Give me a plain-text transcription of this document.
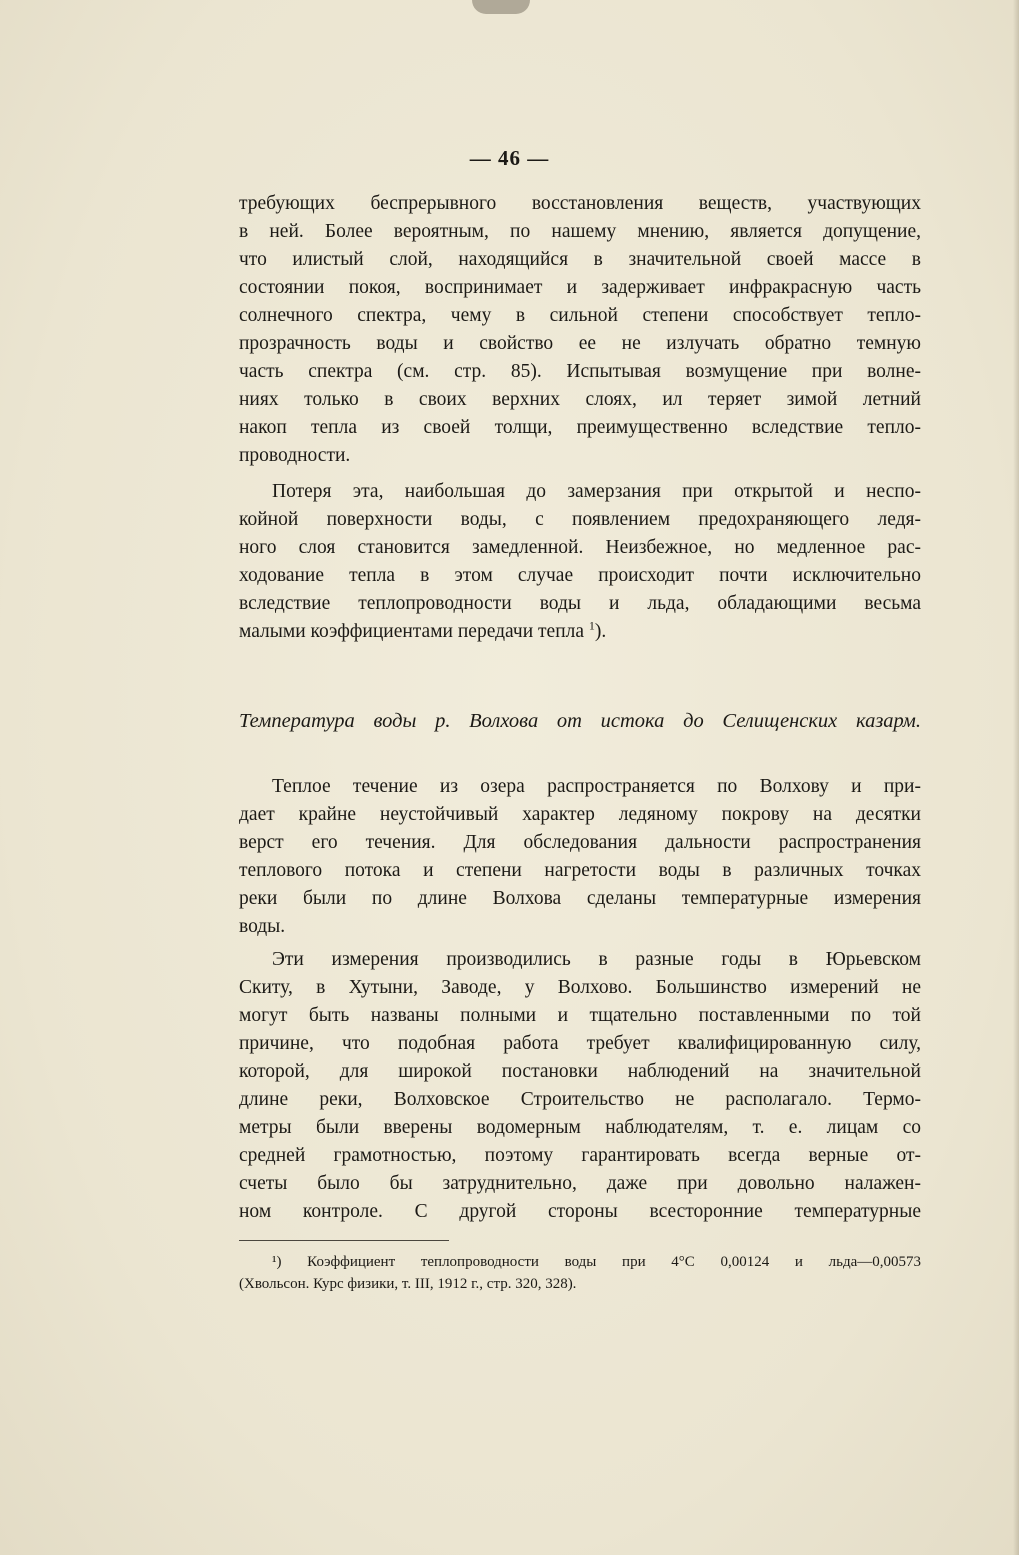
— 46 —
требующих беспрерывного восстановления веществ, участвующих
в ней. Более вероятным, по нашему мнению, является допущение,
что илистый слой, находящийся в значительной своей массе в
состоянии покоя, воспринимает и задерживает инфракрасную часть
солнечного спектра, чему в сильной степени способствует тепло-
прозрачность воды и свойство ее не излучать обратно темную
часть спектра (см. стр. 85). Испытывая возмущение при волне-
ниях только в своих верхних слоях, ил теряет зимой летний
накоп тепла из своей толщи, преимущественно вследствие тепло-
проводности.
Потеря эта, наибольшая до замерзания при открытой и неспо-
койной поверхности воды, с появлением предохраняющего ледя-
ного слоя становится замедленной. Неизбежное, но медленное рас-
ходование тепла в этом случае происходит почти исключительно
вследствие теплопроводности воды и льда, обладающими весьма
малыми коэффициентами передачи тепла $^1$).
Температура воды р. Волхова от истока до Селищенских казарм.
Теплое течение из озера распространяется по Волхову и при-
дает крайне неустойчивый характер ледяному покрову на десятки
верст его течения. Для обследования дальности распространения
теплового потока и степени нагретости воды в различных точках
реки были по длине Волхова сделаны температурные измерения
воды.
Эти измерения производились в разные годы в Юрьевском
Скиту, в Хутыни, Заводе, у Волхово. Большинство измерений не
могут быть названы полными и тщательно поставленными по той
причине, что подобная работа требует квалифицированную силу,
которой, для широкой постановки наблюдений на значительной
длине реки, Волховское Строительство не располагало. Термо-
метры были вверены водомерным наблюдателям, т. е. лицам со
средней грамотностью, поэтому гарантировать всегда верные от-
счеты было бы затруднительно, даже при довольно налажен-
ном контроле. С другой стороны всесторонние температурные
¹) Коэффициент теплопроводности воды при 4°С 0,00124 и льда—0,00573
(Хвольсон. Курс физики, т. III, 1912 г., стр. 320, 328).
